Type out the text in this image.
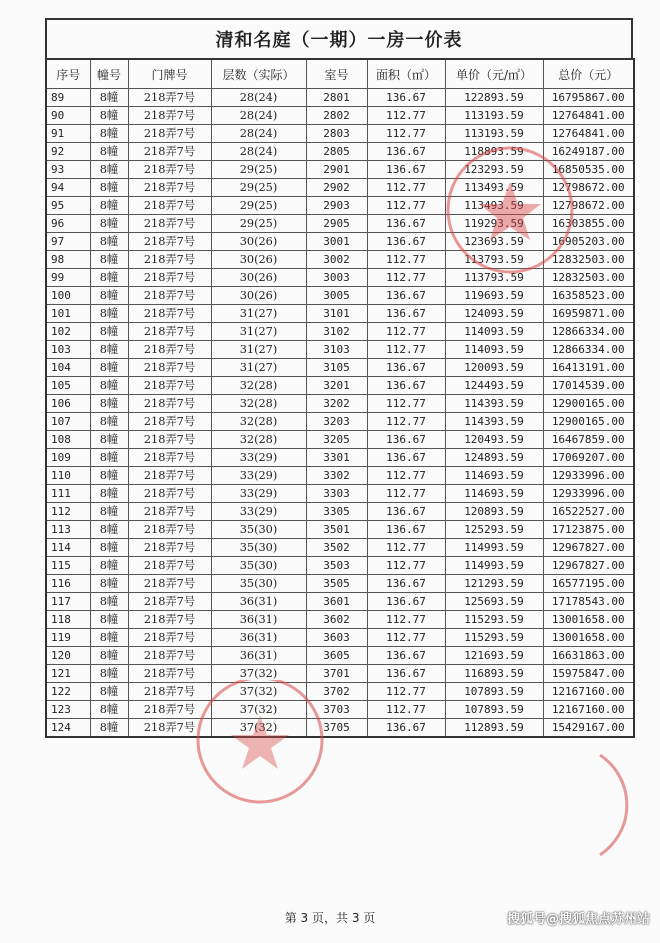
清和名庭（一期）一房一价表
序号	幢号	门牌号	层数（实际）	室号	面积（㎡）	单价（元/㎡）	总价（元）
89	8幢	218弄7号	28(24)	2801	136.67	122893.59	16795867.00
90	8幢	218弄7号	28(24)	2802	112.77	113193.59	12764841.00
91	8幢	218弄7号	28(24)	2803	112.77	113193.59	12764841.00
92	8幢	218弄7号	28(24)	2805	136.67	118893.59	16249187.00
93	8幢	218弄7号	29(25)	2901	136.67	123293.59	16850535.00
94	8幢	218弄7号	29(25)	2902	112.77	113493.59	12798672.00
95	8幢	218弄7号	29(25)	2903	112.77	113493.59	12798672.00
96	8幢	218弄7号	29(25)	2905	136.67	119293.59	16303855.00
97	8幢	218弄7号	30(26)	3001	136.67	123693.59	16905203.00
98	8幢	218弄7号	30(26)	3002	112.77	113793.59	12832503.00
99	8幢	218弄7号	30(26)	3003	112.77	113793.59	12832503.00
100	8幢	218弄7号	30(26)	3005	136.67	119693.59	16358523.00
101	8幢	218弄7号	31(27)	3101	136.67	124093.59	16959871.00
102	8幢	218弄7号	31(27)	3102	112.77	114093.59	12866334.00
103	8幢	218弄7号	31(27)	3103	112.77	114093.59	12866334.00
104	8幢	218弄7号	31(27)	3105	136.67	120093.59	16413191.00
105	8幢	218弄7号	32(28)	3201	136.67	124493.59	17014539.00
106	8幢	218弄7号	32(28)	3202	112.77	114393.59	12900165.00
107	8幢	218弄7号	32(28)	3203	112.77	114393.59	12900165.00
108	8幢	218弄7号	32(28)	3205	136.67	120493.59	16467859.00
109	8幢	218弄7号	33(29)	3301	136.67	124893.59	17069207.00
110	8幢	218弄7号	33(29)	3302	112.77	114693.59	12933996.00
111	8幢	218弄7号	33(29)	3303	112.77	114693.59	12933996.00
112	8幢	218弄7号	33(29)	3305	136.67	120893.59	16522527.00
113	8幢	218弄7号	35(30)	3501	136.67	125293.59	17123875.00
114	8幢	218弄7号	35(30)	3502	112.77	114993.59	12967827.00
115	8幢	218弄7号	35(30)	3503	112.77	114993.59	12967827.00
116	8幢	218弄7号	35(30)	3505	136.67	121293.59	16577195.00
117	8幢	218弄7号	36(31)	3601	136.67	125693.59	17178543.00
118	8幢	218弄7号	36(31)	3602	112.77	115293.59	13001658.00
119	8幢	218弄7号	36(31)	3603	112.77	115293.59	13001658.00
120	8幢	218弄7号	36(31)	3605	136.67	121693.59	16631863.00
121	8幢	218弄7号	37(32)	3701	136.67	116893.59	15975847.00
122	8幢	218弄7号	37(32)	3702	112.77	107893.59	12167160.00
123	8幢	218弄7号	37(32)	3703	112.77	107893.59	12167160.00
124	8幢	218弄7号	37(32)	3705	136.67	112893.59	15429167.00
第 3 页，共 3 页	搜狐号@搜狐焦点苏州站
